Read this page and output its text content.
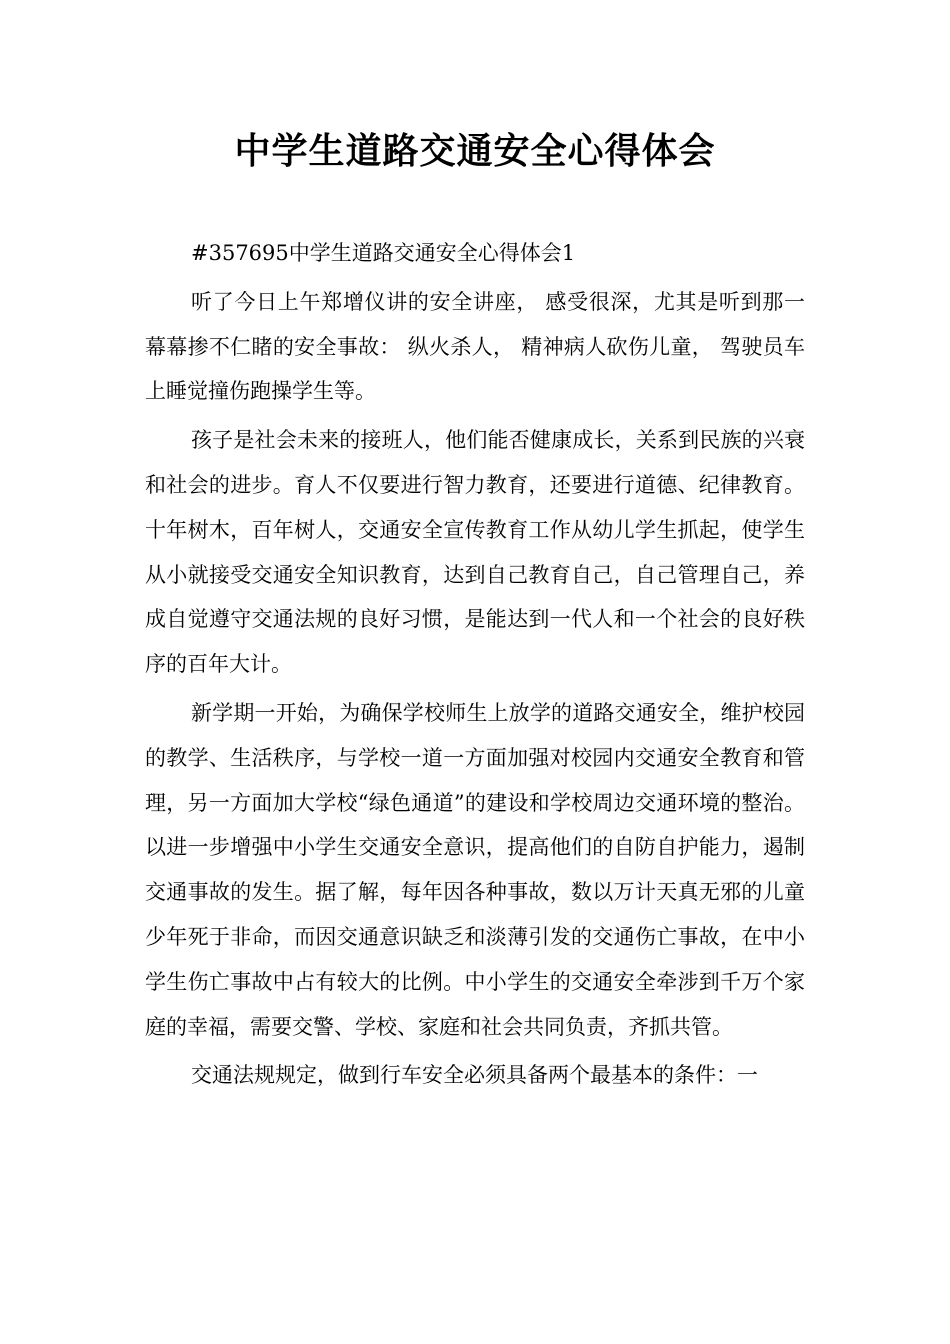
中学生道路交通安全心得体会

#357695中学生道路交通安全心得体会1

听了今日上午郑增仪讲的安全讲座， 感受很深，尤其是听到那一幕幕掺不仁睹的安全事故： 纵火杀人， 精神病人砍伤儿童， 驾驶员车上睡觉撞伤跑操学生等。

孩子是社会未来的接班人，他们能否健康成长，关系到民族的兴衰和社会的进步。育人不仅要进行智力教育，还要进行道德、纪律教育。十年树木，百年树人，交通安全宣传教育工作从幼儿学生抓起，使学生从小就接受交通安全知识教育，达到自己教育自己，自己管理自己，养成自觉遵守交通法规的良好习惯，是能达到一代人和一个社会的良好秩序的百年大计。

新学期一开始，为确保学校师生上放学的道路交通安全，维护校园的教学、生活秩序，与学校一道一方面加强对校园内交通安全教育和管理，另一方面加大学校“绿色通道”的建设和学校周边交通环境的整治。以进一步增强中小学生交通安全意识，提高他们的自防自护能力，遏制交通事故的发生。据了解，每年因各种事故，数以万计天真无邪的儿童少年死于非命，而因交通意识缺乏和淡薄引发的交通伤亡事故，在中小学生伤亡事故中占有较大的比例。中小学生的交通安全牵涉到千万个家庭的幸福，需要交警、学校、家庭和社会共同负责，齐抓共管。

交通法规规定，做到行车安全必须具备两个最基本的条件：一
